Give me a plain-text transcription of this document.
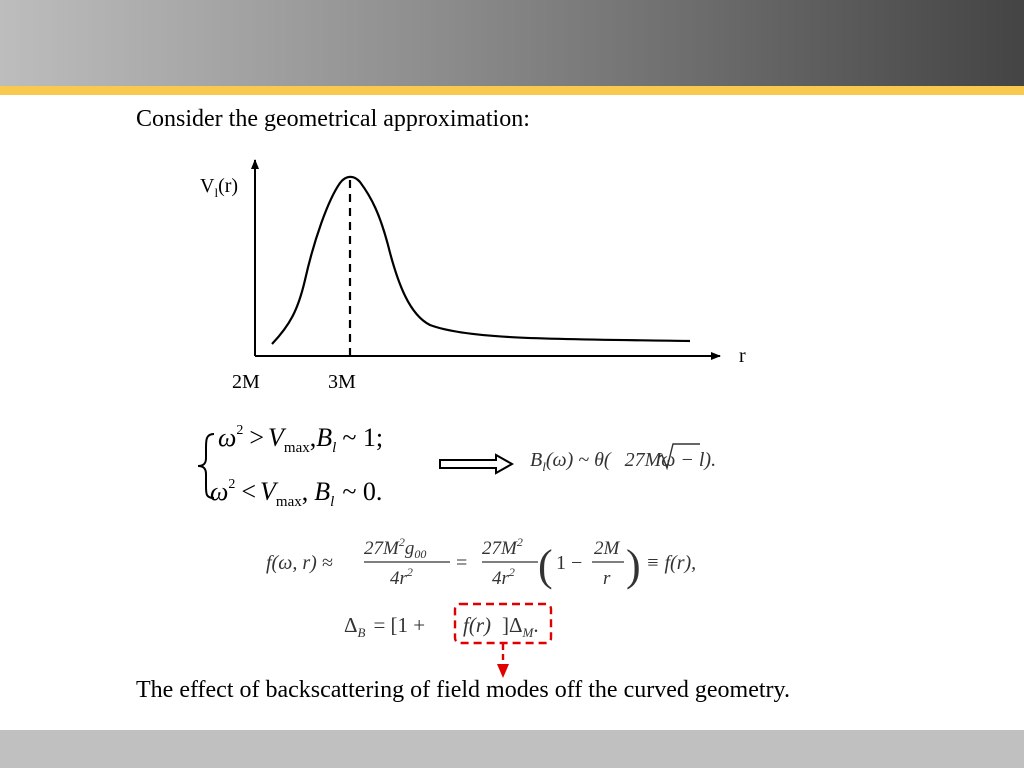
Consider the geometrical approximation:
$V_l(r)$
r
2M	3M
$\omega^2 > V_{max},B_l$ ~ 1;
$\omega^2 < V_{max}$, $B_l$ ~ 0.
$B_l(\omega)$ ~ θ( 27Mω − l).
f(ω, r) ≈
$27M^2g_{00}$
$4r^2$ =
$27M^2$
$4r^2$ ( 1 −
2M
r ) ≡ f(r),
$\Delta_B = [1 + f(r)$ ]$\Delta_M$.
The effect of backscattering of field modes off the curved geometry.
